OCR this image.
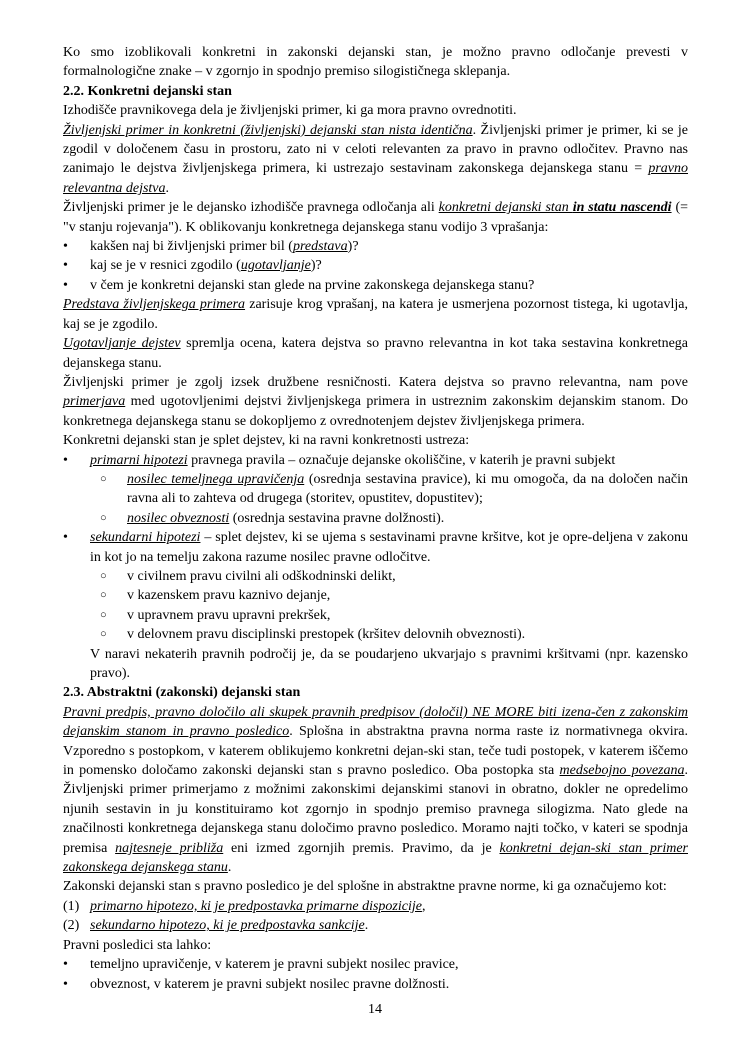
Ko smo izoblikovali konkretni in zakonski dejanski stan, je možno pravno odločanje prevesti v formalnologične znake – v zgornjo in spodnjo premiso silogističnega sklepanja.
2.2. Konkretni dejanski stan
Izhodišče pravnikovega dela je življenjski primer, ki ga mora pravno ovrednotiti.
Življenjski primer in konkretni (življenjski) dejanski stan nista identična. Življenjski primer je primer, ki se je zgodil v določenem času in prostoru, zato ni v celoti relevanten za pravo in pravno odločitev. Pravno nas zanimajo le dejstva življenjskega primera, ki ustrezajo sestavinam zakonskega dejanskega stanu = pravno relevantna dejstva.
Življenjski primer je le dejansko izhodišče pravnega odločanja ali konkretni dejanski stan in statu nascendi (= "v stanju rojevanja"). K oblikovanju konkretnega dejanskega stanu vodijo 3 vprašanja:
• kakšen naj bi življenjski primer bil (predstava)?
• kaj se je v resnici zgodilo (ugotavljanje)?
• v čem je konkretni dejanski stan glede na prvine zakonskega dejanskega stanu?
Predstava življenjskega primera zarisuje krog vprašanj, na katera je usmerjena pozornost tistega, ki ugotavlja, kaj se je zgodilo.
Ugotavljanje dejstev spremlja ocena, katera dejstva so pravno relevantna in kot taka sestavina konkretnega dejanskega stanu.
Življenjski primer je zgolj izsek družbene resničnosti. Katera dejstva so pravno relevantna, nam pove primerjava med ugotovljenimi dejstvi življenjskega primera in ustreznim zakonskim dejanskim stanom. Do konkretnega dejanskega stanu se dokopljemo z ovrednotenjem dejstev življenjskega primera.
Konkretni dejanski stan je splet dejstev, ki na ravni konkretnosti ustreza:
• primarni hipotezi pravnega pravila – označuje dejanske okoliščine, v katerih je pravni subjekt
○ nosilec temeljnega upravičenja (osrednja sestavina pravice), ki mu omogoča, da na določen način ravna ali to zahteva od drugega (storitev, opustitev, dopustitev);
○ nosilec obveznosti (osrednja sestavina pravne dolžnosti).
• sekundarni hipotezi – splet dejstev, ki se ujema s sestavinami pravne kršitve, kot je opre-deljena v zakonu in kot jo na temelju zakona razume nosilec pravne odločitve.
○ v civilnem pravu civilni ali odškodninski delikt,
○ v kazenskem pravu kaznivo dejanje,
○ v upravnem pravu upravni prekršek,
○ v delovnem pravu disciplinski prestopek (kršitev delovnih obveznosti).
V naravi nekaterih pravnih področij je, da se poudarjeno ukvarjajo s pravnimi kršitvami (npr. kazensko pravo).
2.3. Abstraktni (zakonski) dejanski stan
Pravni predpis, pravno določilo ali skupek pravnih predpisov (določil) NE MORE biti izena-čen z zakonskim dejanskim stanom in pravno posledico. Splošna in abstraktna pravna norma raste iz normativnega okvira. Vzporedno s postopkom, v katerem oblikujemo konkretni dejan-ski stan, teče tudi postopek, v katerem iščemo in pomensko določamo zakonski dejanski stan s pravno posledico. Oba postopka sta medsebojno povezana. Življenjski primer primerjamo z možnimi zakonskimi dejanskimi stanovi in obratno, dokler ne opredelimo njunih sestavin in ju konstituiramo kot zgornjo in spodnjo premiso pravnega silogizma. Nato glede na značilnosti konkretnega dejanskega stanu določimo pravno posledico. Moramo najti točko, v kateri se spodnja premisa najtesneje približa eni izmed zgornjih premis. Pravimo, da je konkretni dejan-ski stan primer zakonskega dejanskega stanu.
Zakonski dejanski stan s pravno posledico je del splošne in abstraktne pravne norme, ki ga označujemo kot:
(1) primarno hipotezo, ki je predpostavka primarne dispozicije,
(2) sekundarno hipotezo, ki je predpostavka sankcije.
Pravni posledici sta lahko:
• temeljno upravičenje, v katerem je pravni subjekt nosilec pravice,
• obveznost, v katerem je pravni subjekt nosilec pravne dolžnosti.
14
